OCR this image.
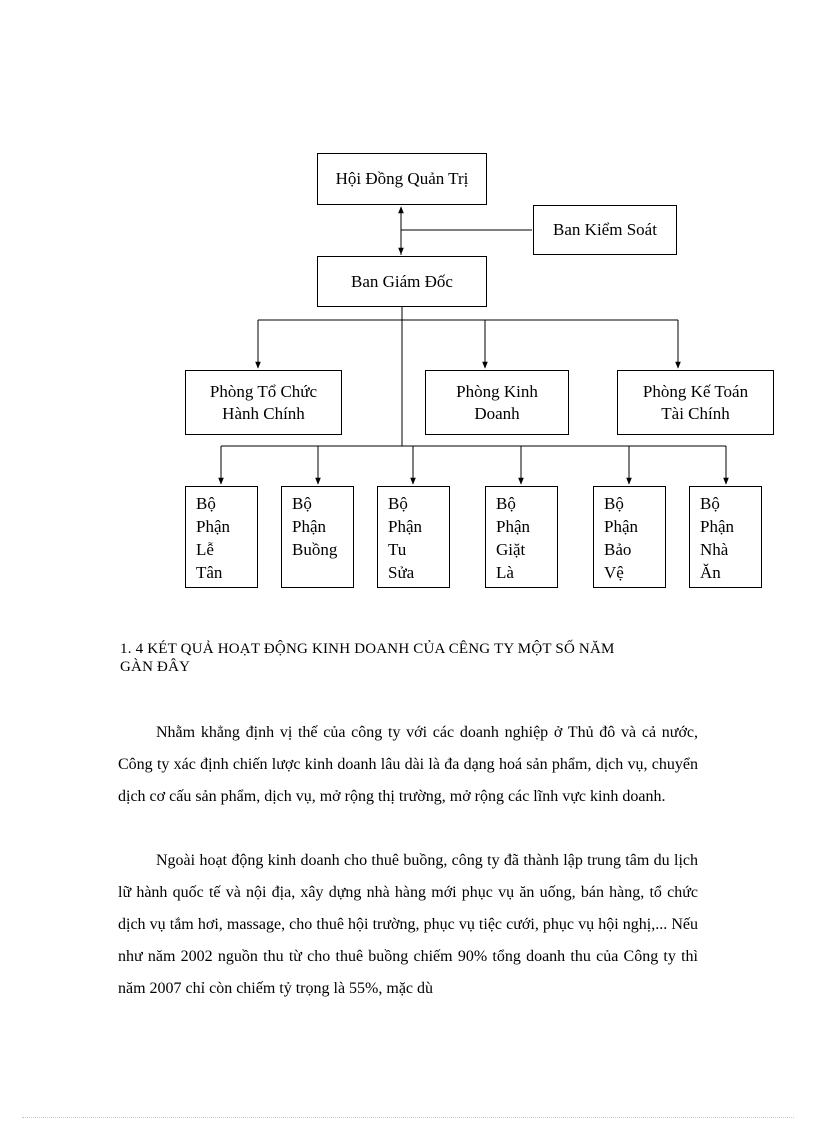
Hội Đồng Quản Trị
Ban Kiểm Soát
Ban Giám Đốc
Phòng Tổ Chức
Hành Chính
Phòng Kinh
Doanh
Phòng Kế Toán
Tài Chính
Bộ
Phận
Lễ
Tân
Bộ
Phận
Buồng
Bộ
Phận
Tu
Sửa
Bộ
Phận
Giặt
Là
Bộ
Phận
Bảo
Vệ
Bộ
Phận
Nhà
Ăn
1. 4 KÉT QUẢ HOẠT ĐỘNG KINH DOANH CỦA CÊNG TY MỘT SỐ NĂM
GÀN ĐÂY
Nhằm khẳng định vị thế của công ty với các doanh nghiệp ở Thủ đô và cả nước, Công ty xác định chiến lược kinh doanh lâu dài là đa dạng hoá sản phẩm, dịch vụ, chuyển dịch cơ cấu sản phẩm, dịch vụ, mở rộng thị trường, mở rộng các lĩnh vực kinh doanh.
Ngoài hoạt động kinh doanh cho thuê buồng, công ty đã thành lập trung tâm du lịch lữ hành quốc tế và nội địa, xây dựng nhà hàng mới phục vụ ăn uống, bán hàng, tổ chức dịch vụ tắm hơi, massage, cho thuê hội trường, phục vụ tiệc cưới, phục vụ hội nghị,... Nếu như năm 2002 nguồn thu từ cho thuê buồng chiếm 90% tổng doanh thu của Công ty thì năm 2007 chỉ còn chiếm tỷ trọng là 55%, mặc dù
